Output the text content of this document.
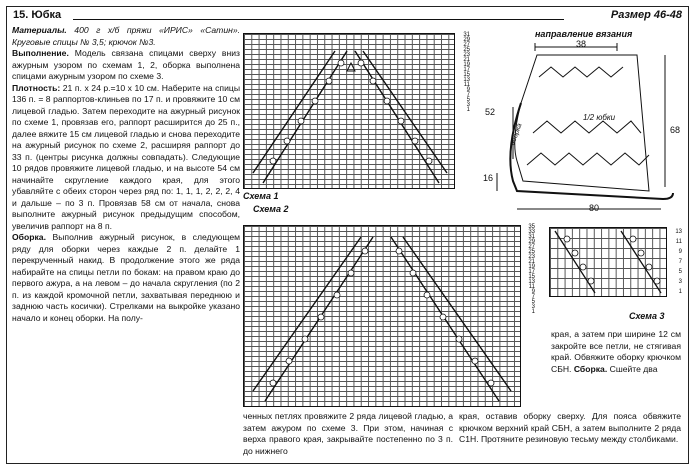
15. Юбка	Размер 46-48

Материалы. 400 г х/б пряжи «ИРИС» «Сатин». Круговые спицы № 3,5; крючок №3.

Выполнение. Модель связана спицами сверху вниз ажурным узором по схемам 1, 2, оборка выполнена спицами ажурным узором по схеме 3.

Плотность: 21 п. х 24 р.=10 х 10 см. Наберите на спицы 136 п. = 8 раппортов-клиньев по 17 п. и провяжите 10 см лицевой гладью. Затем переходите на ажурный рисунок по схеме 1, провязав его, раппорт расширится до 25 п., далее вяжите 15 см лицевой гладью и снова переходите на ажурный рисунок по схеме 2, расширяя раппорт до 33 п. (центры рисунка должны совпадать). Следующие 10 рядов провяжите лицевой гладью, и на высоте 54 см начинайте скругление каждого края, для этого убавляйте с обеих сторон через ряд по: 1, 1, 1, 2, 2, 2, 4 и дальше – по 3 п. Провязав 58 см от начала, снова выполните ажурный рисунок предыдущим способом, увеличив раппорт на 8 п.

Оборка. Выполнив ажурный рисунок, в следующем ряду для оборки через каждые 2 п. делайте 1 перекрученный накид. В продолжение этого же ряда набирайте на спицы петли по бокам: на правом краю до первого ажура, а на левом – до начала скругления (по 2 п. из каждой кромочной петли, захватывая переднюю и заднюю часть косички). Стрелками на выкройке указано начало и конец оборки. На полу-

31
29
27
25
23
21
19
17
15
13
11
9
7
5
3
1
Схема 1
Схема 2
35
33
31
29
27
25
23
21
19
17
15
13
11
9
7
5
3
1
направление вязания
38
52
68
80
16
1/2 юбки
оборка
13
11
9
7
5
3
1
Схема 3
края, а затем при ширине 12 см закройте все петли, не стягивая край. Обвяжите оборку крючком СБН. Сборка. Сшейте два
ченных петлях провяжите 2 ряда лицевой гладью, а затем ажуром по схеме 3. При этом, начиная с верха правого края, закрывайте постепенно по 3 п. до нижнего
края, оставив оборку сверху. Для пояса обвяжите крючком верхний край СБН, а затем выполните 2 ряда С1Н. Протяните резиновую тесьму между столбиками.
